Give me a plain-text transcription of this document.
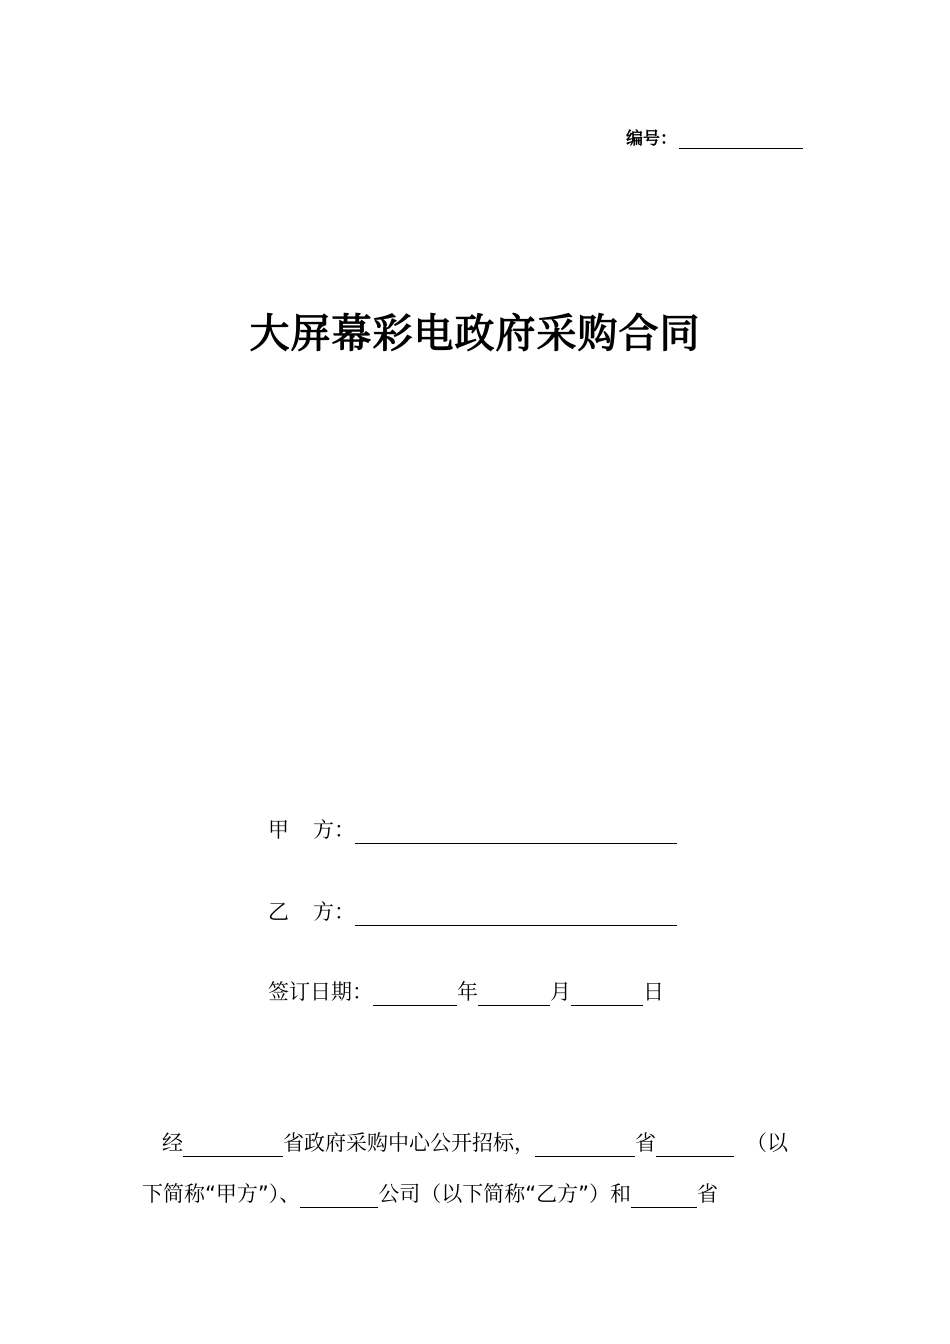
编号：
大屏幕彩电政府采购合同
甲 方：
乙 方：
签订日期：	年	月	日
经	省政府采购中心公开招标，	省	（以
下简称“甲方”）、	公司（以下简称“乙方”）和	省
